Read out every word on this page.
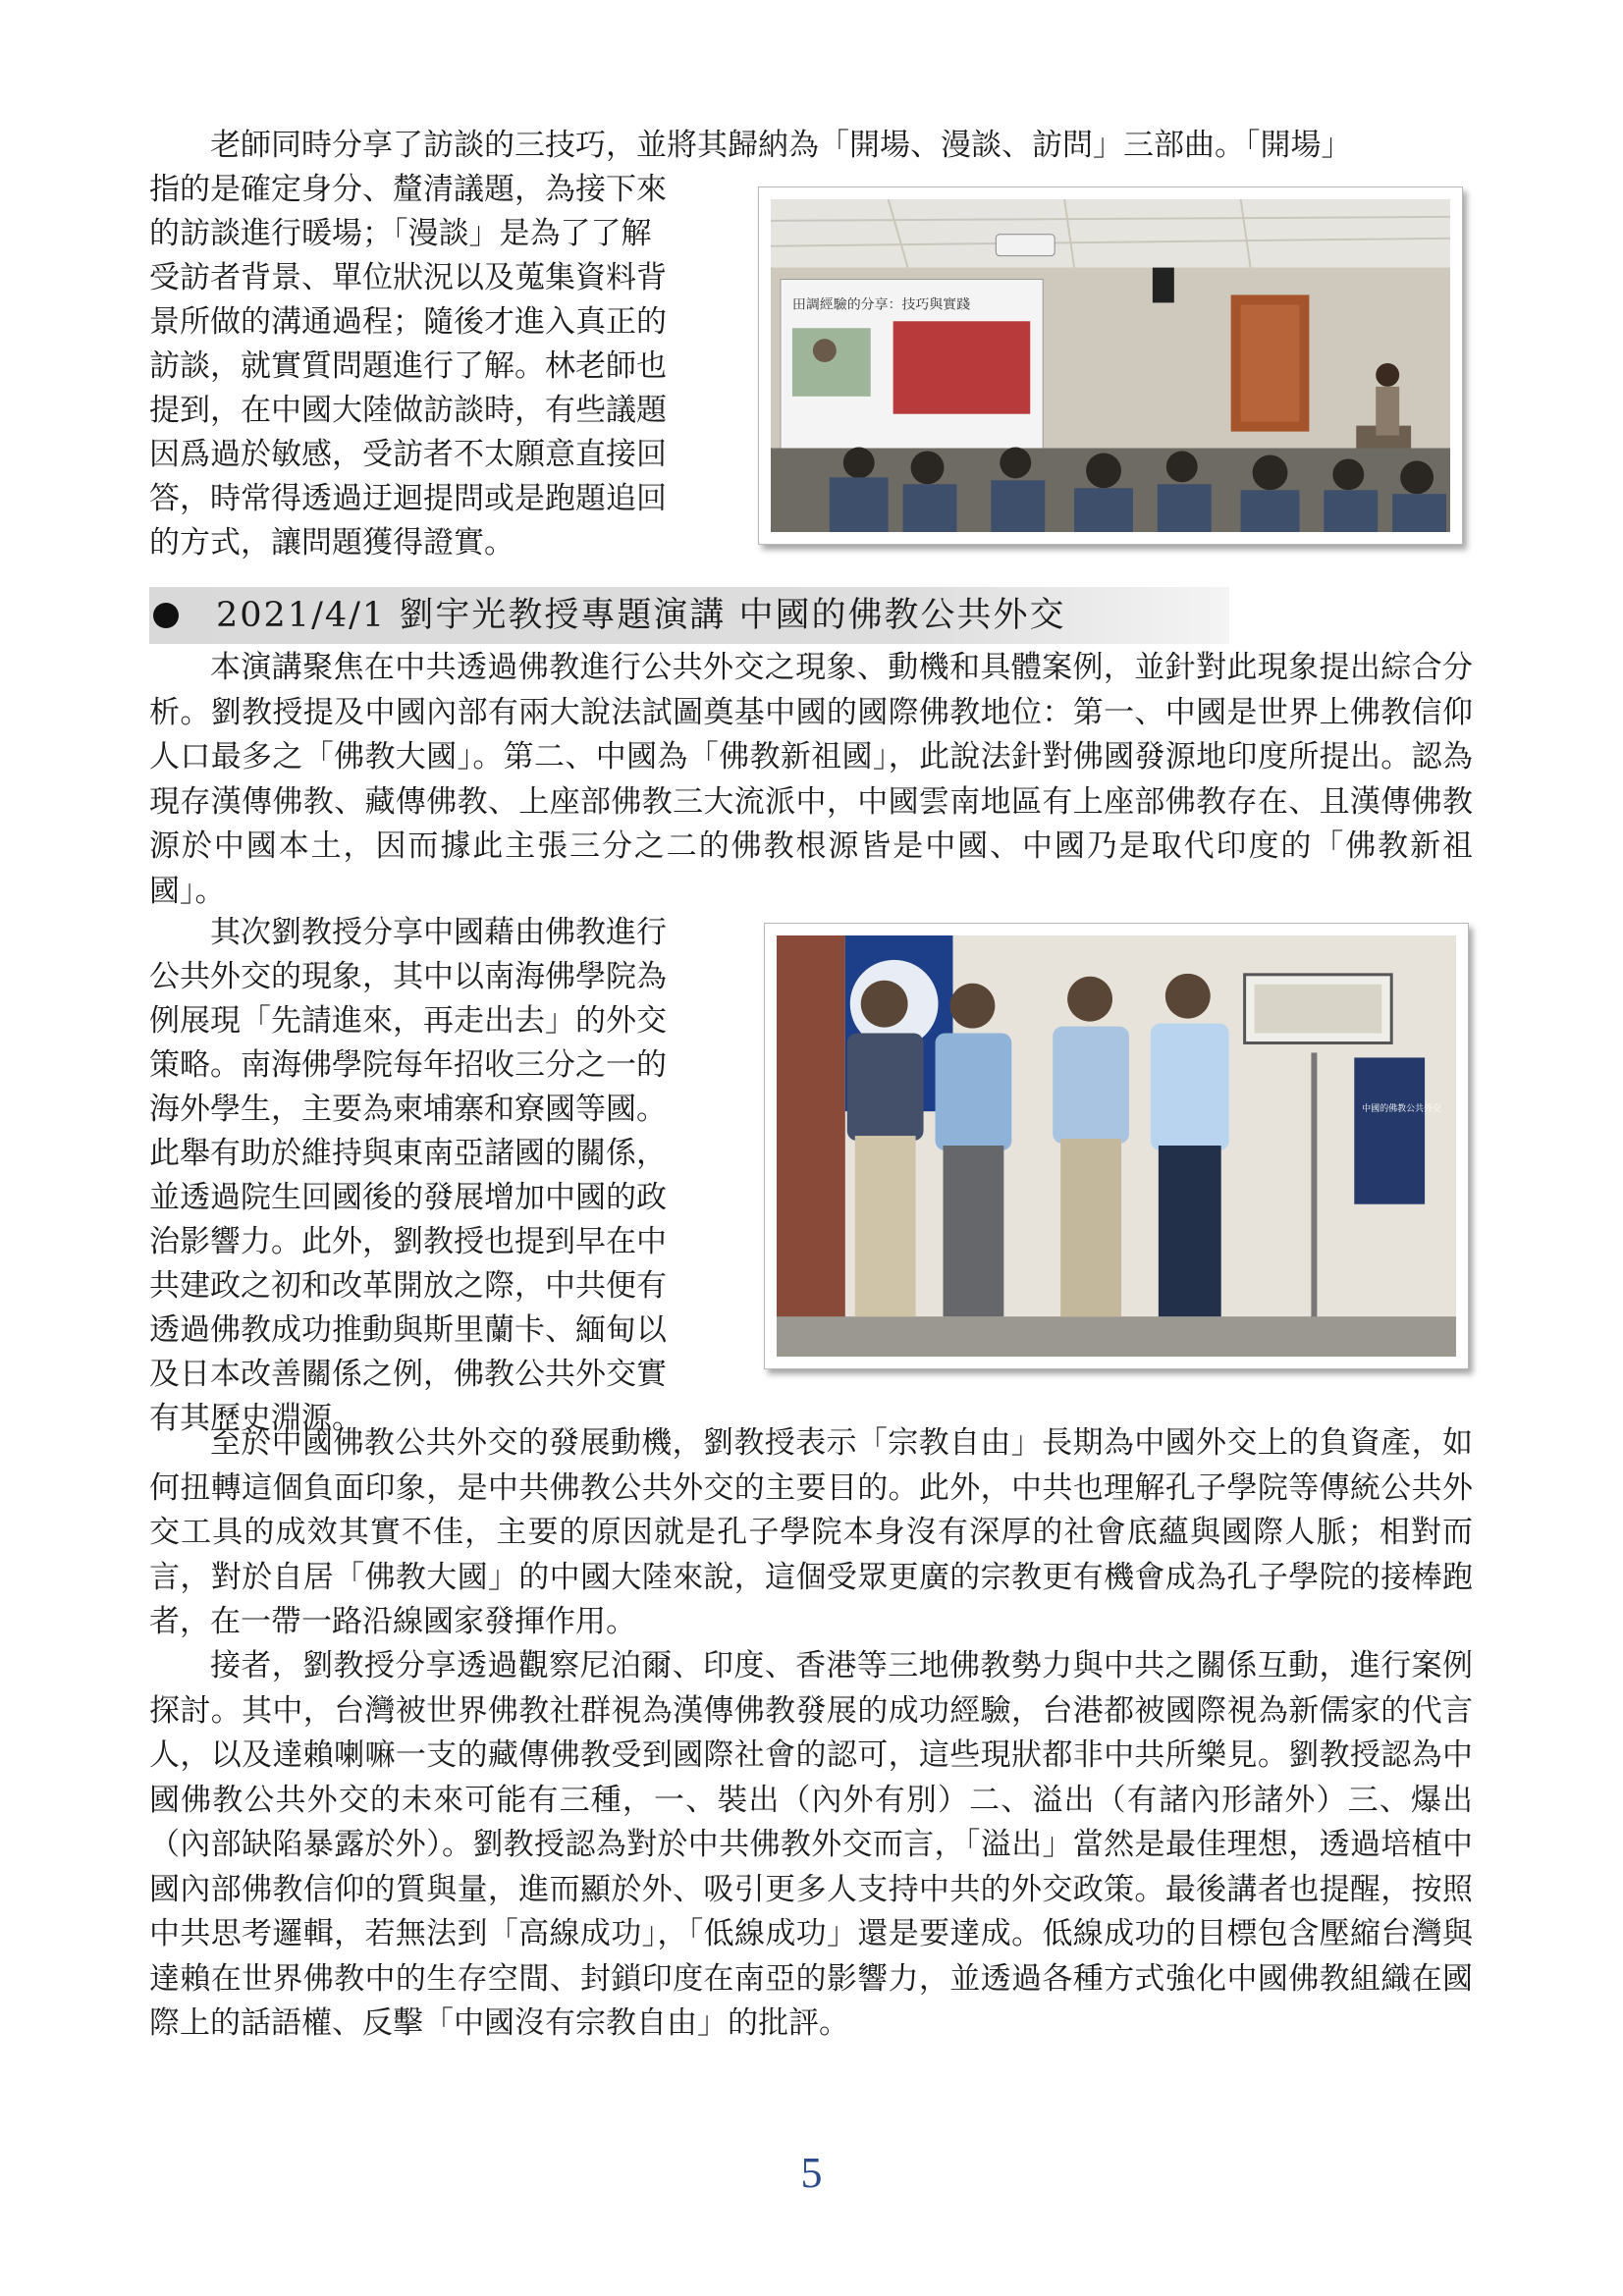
老師同時分享了訪談的三技巧，並將其歸納為「開場、漫談、訪問」三部曲。「開場」
指的是確定身分、釐清議題，為接下來
的訪談進行暖場；「漫談」是為了了解
受訪者背景、單位狀況以及蒐集資料背
景所做的溝通過程；隨後才進入真正的
訪談，就實質問題進行了解。林老師也
提到，在中國大陸做訪談時，有些議題
因爲過於敏感，受訪者不太願意直接回
答，時常得透過迂迴提問或是跑題追回
的方式，讓問題獲得證實。

田調經驗的分享：技巧與實踐
2021/4/1 劉宇光教授專題演講 中國的佛教公共外交

本演講聚焦在中共透過佛教進行公共外交之現象、動機和具體案例，並針對此現象提出綜合分析。劉教授提及中國內部有兩大說法試圖奠基中國的國際佛教地位：第一、中國是世界上佛教信仰人口最多之「佛教大國」。第二、中國為「佛教新祖國」，此說法針對佛國發源地印度所提出。認為現存漢傳佛教、藏傳佛教、上座部佛教三大流派中，中國雲南地區有上座部佛教存在、且漢傳佛教源於中國本土，因而據此主張三分之二的佛教根源皆是中國、中國乃是取代印度的「佛教新祖國」。

其次劉教授分享中國藉由佛教進行
公共外交的現象，其中以南海佛學院為
例展現「先請進來，再走出去」的外交
策略。南海佛學院每年招收三分之一的
海外學生，主要為柬埔寨和寮國等國。
此舉有助於維持與東南亞諸國的關係，
並透過院生回國後的發展增加中國的政
治影響力。此外，劉教授也提到早在中
共建政之初和改革開放之際，中共便有
透過佛教成功推動與斯里蘭卡、緬甸以
及日本改善關係之例，佛教公共外交實
有其歷史淵源。

中國的佛教公共外交

至於中國佛教公共外交的發展動機，劉教授表示「宗教自由」長期為中國外交上的負資產，如何扭轉這個負面印象，是中共佛教公共外交的主要目的。此外，中共也理解孔子學院等傳統公共外交工具的成效其實不佳，主要的原因就是孔子學院本身沒有深厚的社會底蘊與國際人脈；相對而言，對於自居「佛教大國」的中國大陸來說，這個受眾更廣的宗教更有機會成為孔子學院的接棒跑者，在一帶一路沿線國家發揮作用。

接者，劉教授分享透過觀察尼泊爾、印度、香港等三地佛教勢力與中共之關係互動，進行案例探討。其中，台灣被世界佛教社群視為漢傳佛教發展的成功經驗，台港都被國際視為新儒家的代言人，以及達賴喇嘛一支的藏傳佛教受到國際社會的認可，這些現狀都非中共所樂見。劉教授認為中國佛教公共外交的未來可能有三種，一、裝出（內外有別）二、溢出（有諸內形諸外）三、爆出（內部缺陷暴露於外）。劉教授認為對於中共佛教外交而言，「溢出」當然是最佳理想，透過培植中國內部佛教信仰的質與量，進而顯於外、吸引更多人支持中共的外交政策。最後講者也提醒，按照中共思考邏輯，若無法到「高線成功」，「低線成功」還是要達成。低線成功的目標包含壓縮台灣與達賴在世界佛教中的生存空間、封鎖印度在南亞的影響力，並透過各種方式強化中國佛教組織在國際上的話語權、反擊「中國沒有宗教自由」的批評。

5
